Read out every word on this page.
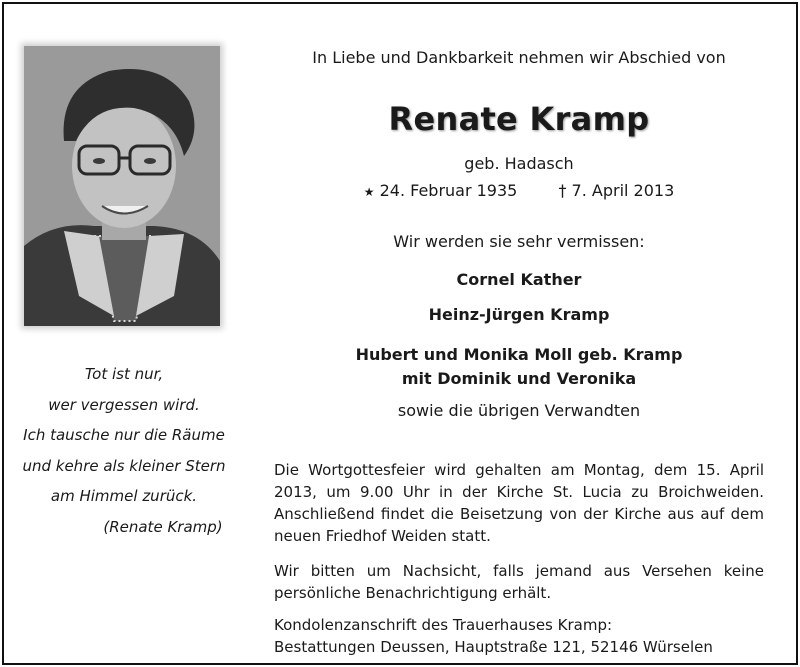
Tot ist nur,
wer vergessen wird.
Ich tausche nur die Räume
und kehre als kleiner Stern
am Himmel zurück.
(Renate Kramp)
In Liebe und Dankbarkeit nehmen wir Abschied von
Renate Kramp
geb. Hadasch
★ 24. Februar 1935	† 7. April 2013
Wir werden sie sehr vermissen:
Cornel Kather
Heinz-Jürgen Kramp
Hubert und Monika Moll geb. Kramp
mit Dominik und Veronika
sowie die übrigen Verwandten
Die Wortgottesfeier wird gehalten am Montag, dem 15. April 2013, um 9.00 Uhr in der Kirche St. Lucia zu Broichweiden. Anschließend findet die Beisetzung von der Kirche aus auf dem neuen Friedhof Weiden statt.
Wir bitten um Nachsicht, falls jemand aus Versehen keine persönliche Benachrichtigung erhält.
Kondolenzanschrift des Trauerhauses Kramp:
Bestattungen Deussen, Hauptstraße 121, 52146 Würselen
